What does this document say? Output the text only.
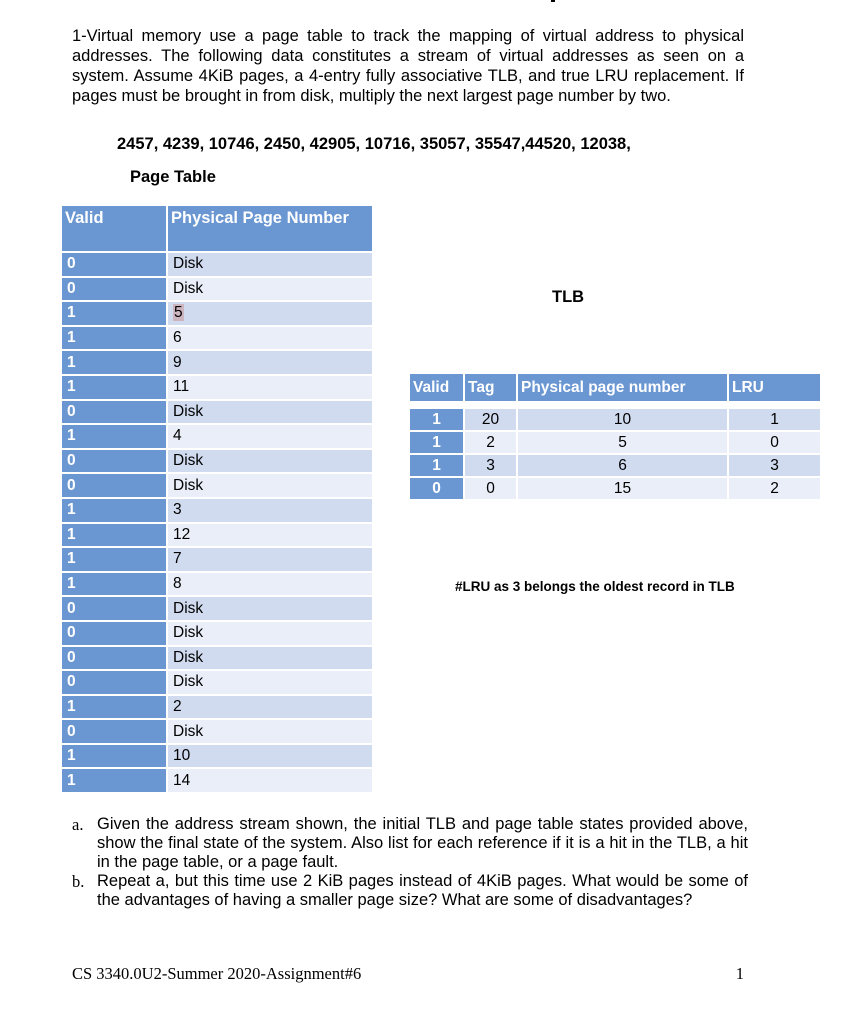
1-Virtual memory use a page table to track the mapping of virtual address to physical addresses. The following data constitutes a stream of virtual addresses as seen on a system. Assume 4KiB pages, a 4-entry fully associative TLB, and true LRU replacement. If pages must be brought in from disk, multiply the next largest page number by two.

2457, 4239, 10746, 2450, 42905, 10716, 35057, 35547,44520, 12038,

Page Table

Valid	Physical Page Number
0	Disk
0	Disk
1	5
1	6
1	9
1	11
0	Disk
1	4
0	Disk
0	Disk
1	3
1	12
1	7
1	8
0	Disk
0	Disk
0	Disk
0	Disk
1	2
0	Disk
1	10
1	14

TLB

Valid	Tag	Physical page number	LRU

1	20	10	1
1	2	5	0
1	3	6	3
0	0	15	2

#LRU as 3 belongs the oldest record in TLB

a. Given the address stream shown, the initial TLB and page table states provided above, show the final state of the system. Also list for each reference if it is a hit in the TLB, a hit in the page table, or a page fault.
b. Repeat a, but this time use 2 KiB pages instead of 4KiB pages. What would be some of the advantages of having a smaller page size? What are some of disadvantages?
CS 3340.0U2-Summer 2020-Assignment#6	1
